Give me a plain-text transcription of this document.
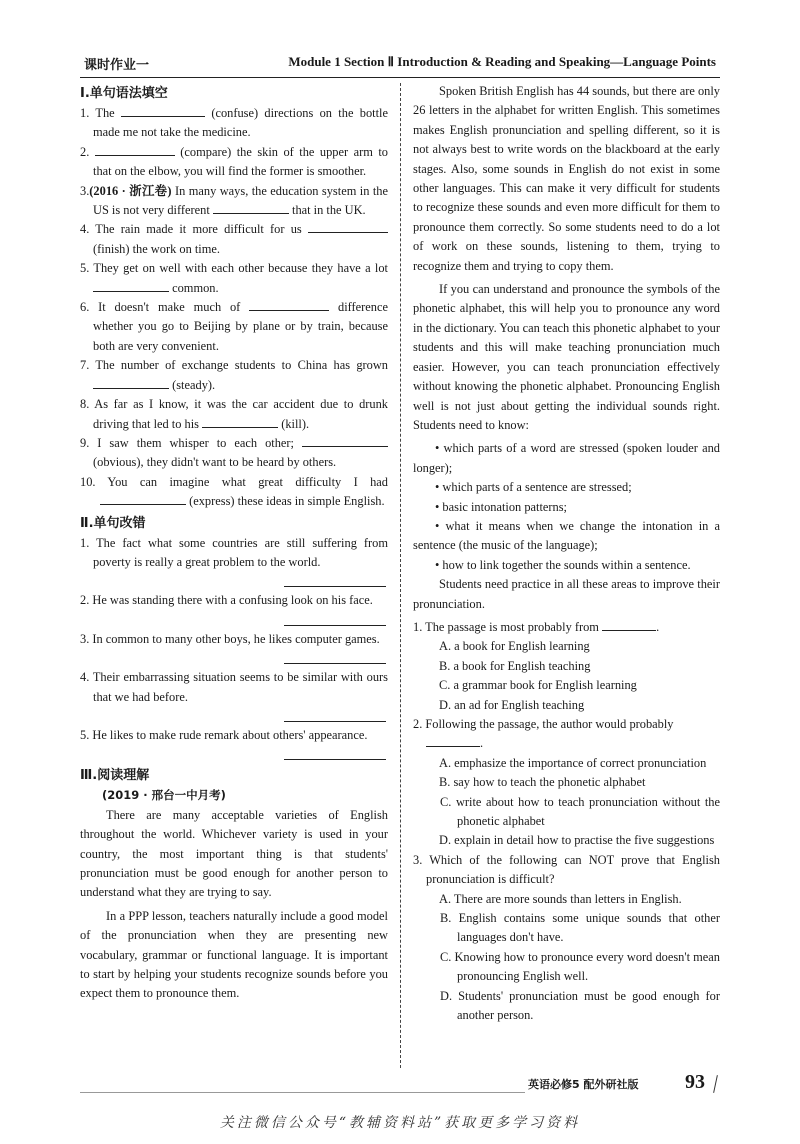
课时作业一	Module 1 Section Ⅱ Introduction & Reading and Speaking—Language Points
Ⅰ.单句语法填空

1. The	(confuse) directions on the bottle made me not take the medicine.

2.	(compare) the skin of the upper arm to that on the elbow, you will find the former is smoother.

3.(2016 · 浙江卷) In many ways, the education system in the US is not very different	that in the UK.

4. The rain made it more difficult for us  (finish) the work on time.

5. They get on well with each other because they have a lot  common.

6. It doesn't make much of	difference whether you go to Beijing by plane or by train, because both are very convenient.

7. The number of exchange students to China has grown  (steady).

8. As far as I know, it was the car accident due to drunk driving that led to his	(kill).

9. I saw them whisper to each other;  (obvious), they didn't want to be heard by others.

10. You can imagine what great difficulty I had  (express) these ideas in simple English.

Ⅱ.单句改错

1. The fact what some countries are still suffering from poverty is really a great problem to the world.

2. He was standing there with a confusing look on his face.

3. In common to many other boys, he likes computer games.

4. Their embarrassing situation seems to be similar with ours that we had before.

5. He likes to make rude remark about others' appearance.

Ⅲ.阅读理解

(2019 · 邢台一中月考)

There are many acceptable varieties of English throughout the world. Whichever variety is used in your country, the most important thing is that students' pronunciation must be good enough for another person to understand what they are trying to say.

In a PPP lesson, teachers naturally include a good model of the pronunciation when they are presenting new vocabulary, grammar or functional language. It is important to start by helping your students recognize sounds before you expect them to pronounce them.

Spoken British English has 44 sounds, but there are only 26 letters in the alphabet for written English. This sometimes makes English pronunciation and spelling different, so it is not always best to write words on the blackboard at the early stages. Also, some sounds in English do not exist in some other languages. This can make it very difficult for students to recognize these sounds and even more difficult for them to pronounce them correctly. So some students need to do a lot of work on these sounds, listening to them, trying to recognize them and trying to copy them.

If you can understand and pronounce the symbols of the phonetic alphabet, this will help you to pronounce any word in the dictionary. You can teach this phonetic alphabet to your students and this will make teaching pronunciation much easier. However, you can teach pronunciation effectively without knowing the phonetic alphabet. Pronouncing English well is not just about getting the individual sounds right. Students need to know:

• which parts of a word are stressed (spoken louder and longer);

• which parts of a sentence are stressed;

• basic intonation patterns;

• what it means when we change the intonation in a sentence (the music of the language);

• how to link together the sounds within a sentence.

Students need practice in all these areas to improve their pronunciation.

1. The passage is most probably from	.

A. a book for English learning

B. a book for English teaching

C. a grammar book for English learning

D. an ad for English teaching

2. Following the passage, the author would probably
.

A. emphasize the importance of correct pronunciation

B. say how to teach the phonetic alphabet

C. write about how to teach pronunciation without the phonetic alphabet

D. explain in detail how to practise the five suggestions

3. Which of the following can NOT prove that English pronunciation is difficult?

A. There are more sounds than letters in English.

B. English contains some unique sounds that other languages don't have.

C. Knowing how to pronounce every word doesn't mean pronouncing English well.

D. Students' pronunciation must be good enough for another person.

英语必修5 配外研社版 93
关注微信公众号“教辅资料站”获取更多学习资料
